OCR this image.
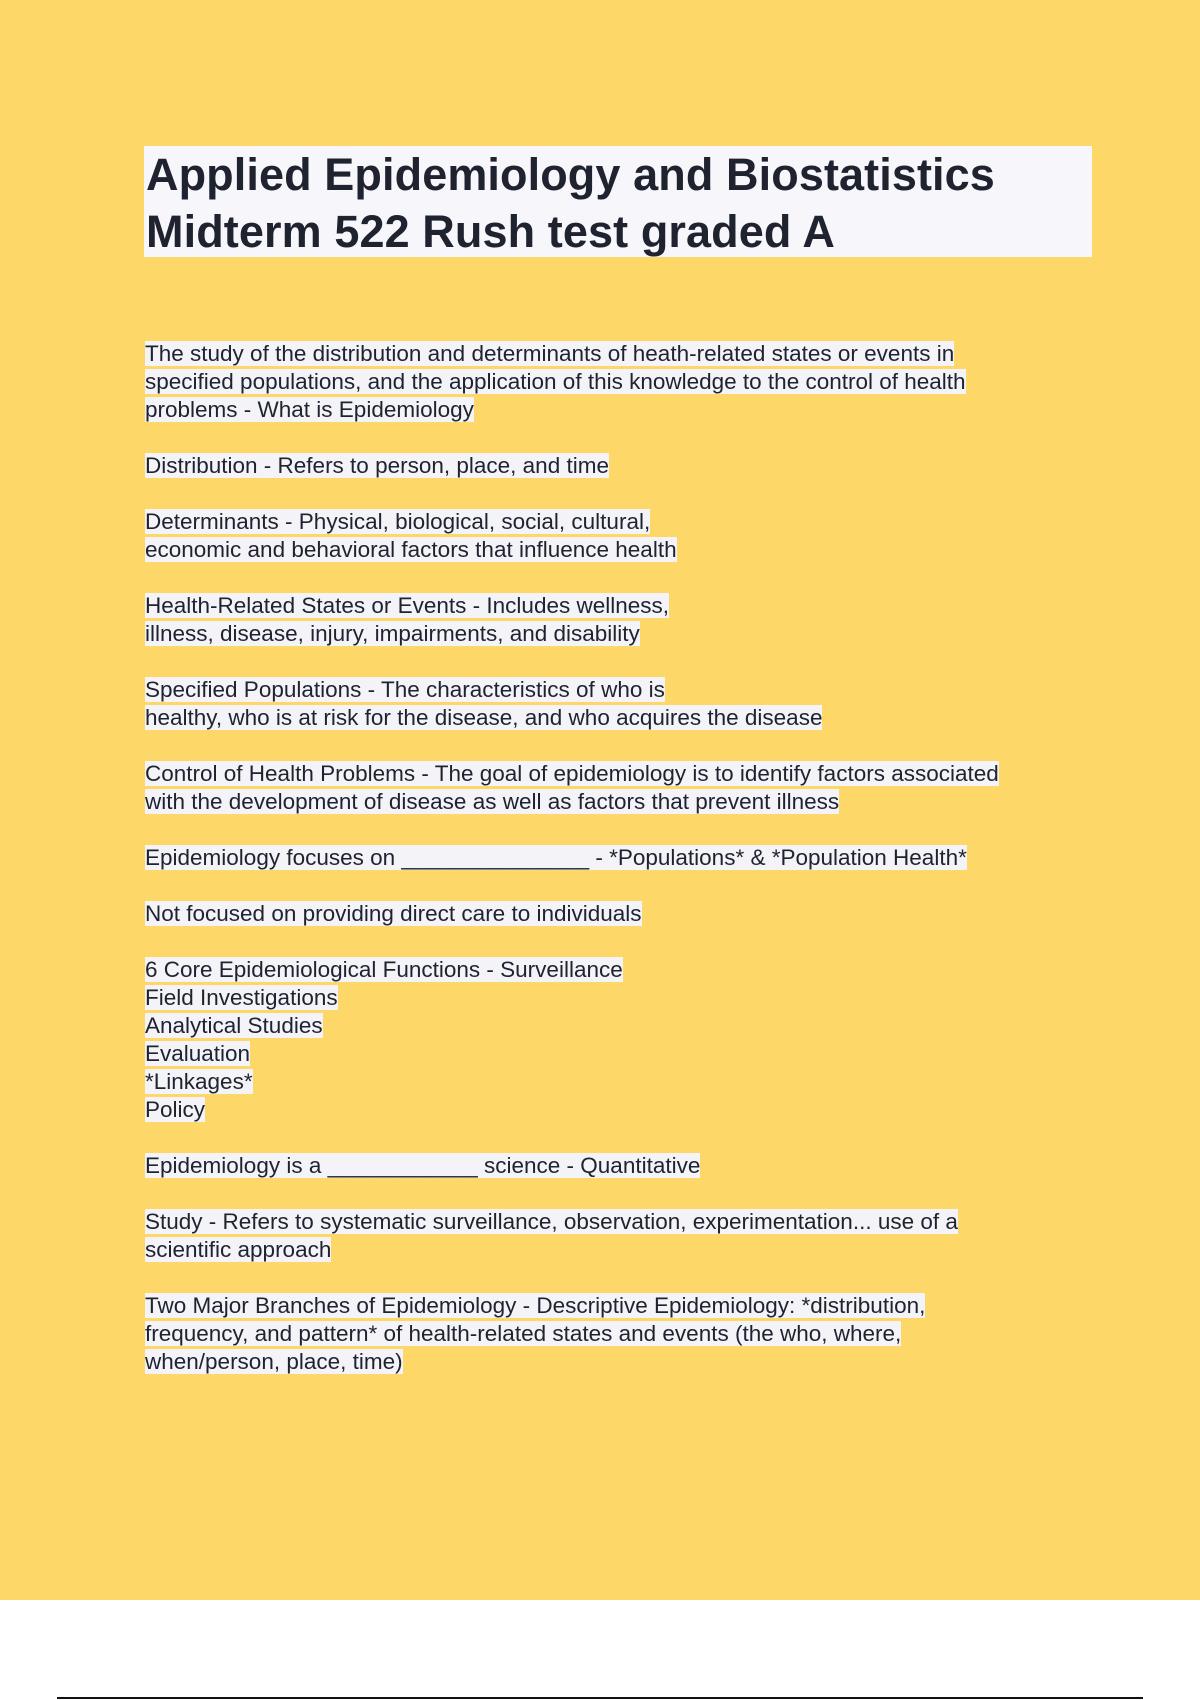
Applied Epidemiology and Biostatistics
Midterm 522 Rush test graded A

The study of the distribution and determinants of heath-related states or events in
specified populations, and the application of this knowledge to the control of health
problems - What is Epidemiology

Distribution - Refers to person, place, and time

Determinants - Physical, biological, social, cultural,
economic and behavioral factors that influence health

Health-Related States or Events - Includes wellness,
illness, disease, injury, impairments, and disability

Specified Populations - The characteristics of who is
healthy, who is at risk for the disease, and who acquires the disease

Control of Health Problems - The goal of epidemiology is to identify factors associated
with the development of disease as well as factors that prevent illness

Epidemiology focuses on _______________ - *Populations* & *Population Health*

Not focused on providing direct care to individuals

6 Core Epidemiological Functions - Surveillance
Field Investigations
Analytical Studies
Evaluation
*Linkages*
Policy

Epidemiology is a ____________ science - Quantitative

Study - Refers to systematic surveillance, observation, experimentation... use of a
scientific approach

Two Major Branches of Epidemiology - Descriptive Epidemiology: *distribution,
frequency, and pattern* of health-related states and events (the who, where,
when/person, place, time)
